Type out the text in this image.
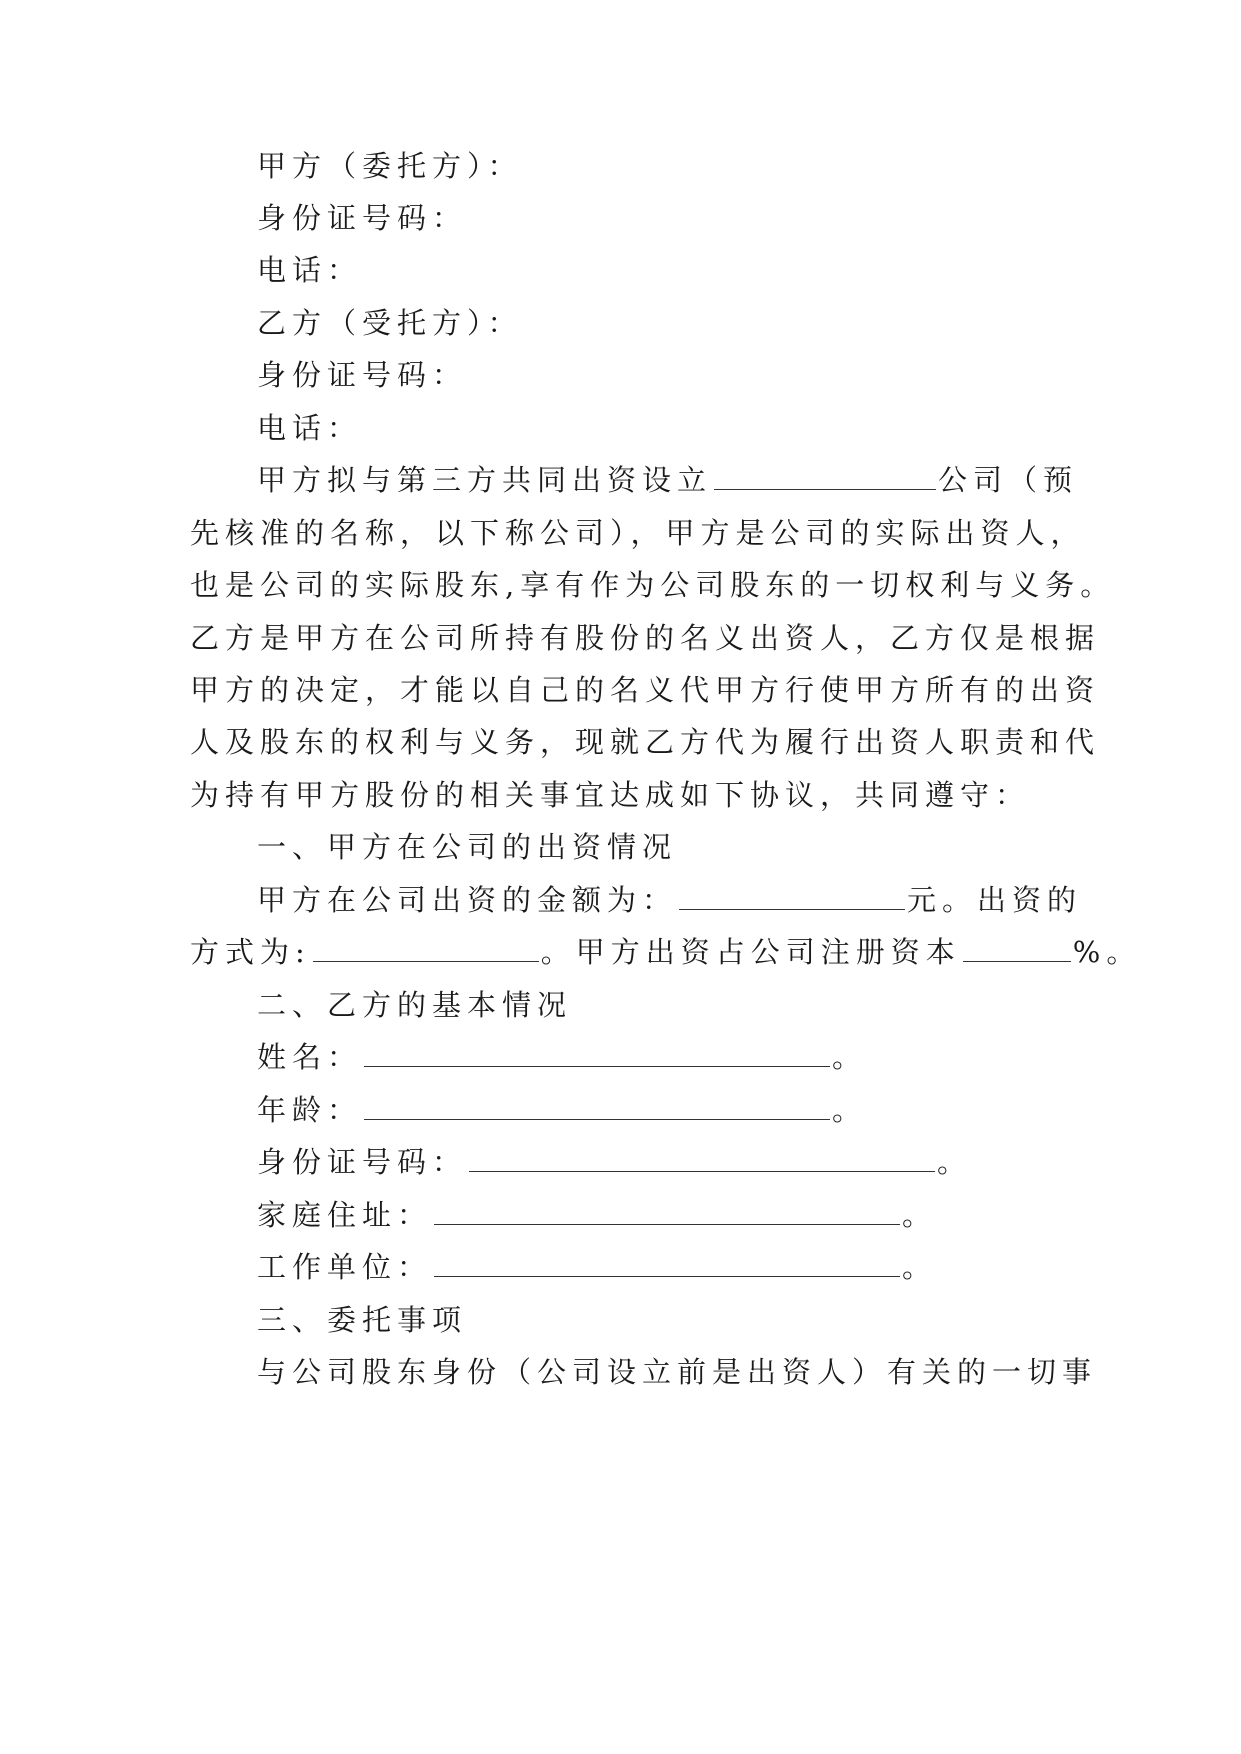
甲方（委托方）：
身份证号码：
电话：
乙方（受托方）：
身份证号码：
电话：
甲方拟与第三方共同出资设立	公司（预
先核准的名称，以下称公司），甲方是公司的实际出资人，
也是公司的实际股东,享有作为公司股东的一切权利与义务。
乙方是甲方在公司所持有股份的名义出资人，乙方仅是根据
甲方的决定，才能以自己的名义代甲方行使甲方所有的出资
人及股东的权利与义务，现就乙方代为履行出资人职责和代
为持有甲方股份的相关事宜达成如下协议，共同遵守：
一、甲方在公司的出资情况
甲方在公司出资的金额为：	元。出资的
方式为:	。甲方出资占公司注册资本	%。
二、乙方的基本情况
姓名：	。
年龄：	。
身份证号码：	。
家庭住址：	。
工作单位：	。
三、委托事项
与公司股东身份（公司设立前是出资人）有关的一切事
